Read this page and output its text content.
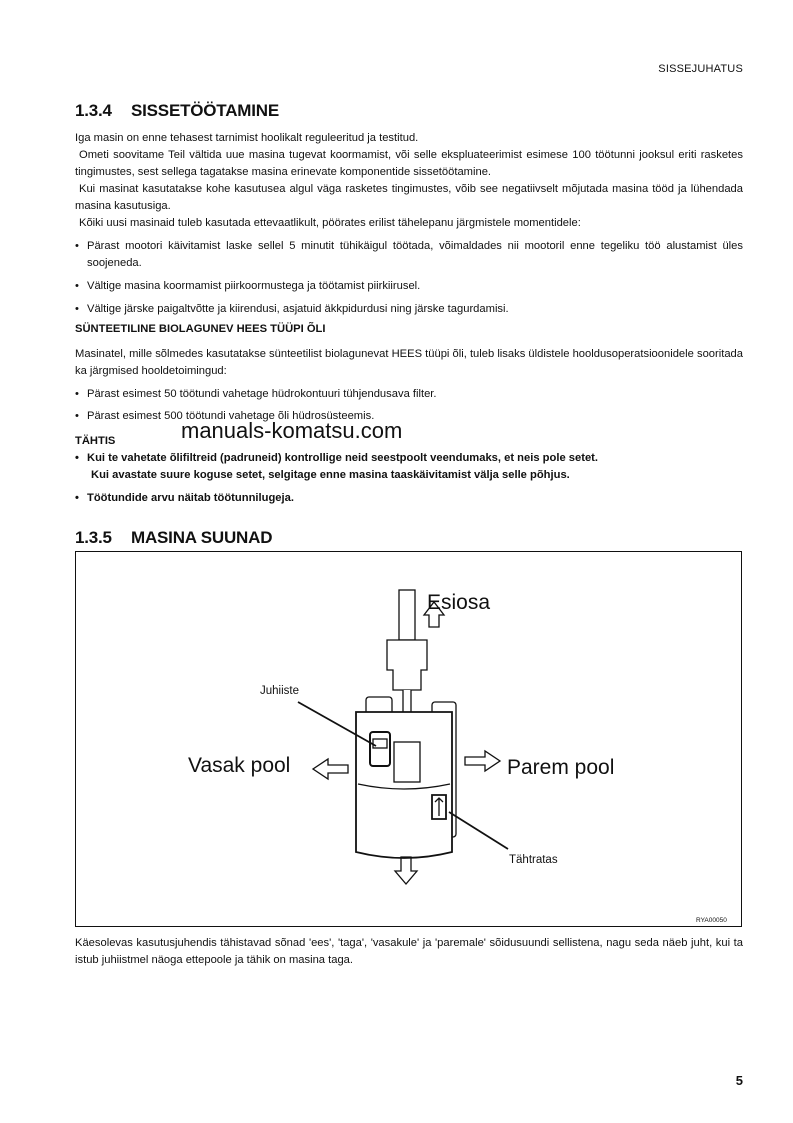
SISSEJUHATUS
1.3.4 SISSETÖÖTAMINE

Iga masin on enne tehasest tarnimist hoolikalt reguleeritud ja testitud.

Ometi soovitame Teil vältida uue masina tugevat koormamist, või selle ekspluateerimist esimese 100 töötunni jooksul eriti rasketes tingimustes, sest sellega tagatakse masina erinevate komponentide sissetöötamine.

Kui masinat kasutatakse kohe kasutusea algul väga rasketes tingimustes, võib see negatiivselt mõjutada masina tööd ja lühendada masina kasutusiga.

Kõiki uusi masinaid tuleb kasutada ettevaatlikult, pöörates erilist tähelepanu järgmistele momentidele:

• Pärast mootori käivitamist laske sellel 5 minutit tühikäigul töötada, võimaldades nii mootoril enne tegeliku töö alustamist üles soojeneda.
• Vältige masina koormamist piirkoormustega ja töötamist piirkiirusel.
• Vältige järske paigaltvõtte ja kiirendusi, asjatuid äkkpidurdusi ning järske tagurdamisi.
SÜNTEETILINE BIOLAGUNEV HEES TÜÜPI ÕLI

Masinatel, mille sõlmedes kasutatakse sünteetilist biolagunevat HEES tüüpi õli, tuleb lisaks üldistele hooldusoperatsioonidele sooritada ka järgmised hooldetoimingud:

• Pärast esimest 50 töötundi vahetage hüdrokontuuri tühjendusava filter.
• Pärast esimest 500 töötundi vahetage õli hüdrosüsteemis.
manuals-komatsu.com
TÄHTIS
• Kui te vahetate õlifiltreid (padruneid) kontrollige neid seestpoolt veendumaks, et neis pole setet.
Kui avastate suure koguse setet, selgitage enne masina taaskäivitamist välja selle põhjus.
• Töötundide arvu näitab töötunnilugeja.
1.3.5 MASINA SUUNAD
Esiosa
Vasak pool	Parem pool
Juhiiste
Tähtratas
RYA00050
Käesolevas kasutusjuhendis tähistavad sõnad 'ees', 'taga', 'vasakule' ja 'paremale' sõidusuundi sellistena, nagu seda näeb juht, kui ta istub juhiistmel näoga ettepoole ja tähik on masina taga.
5
